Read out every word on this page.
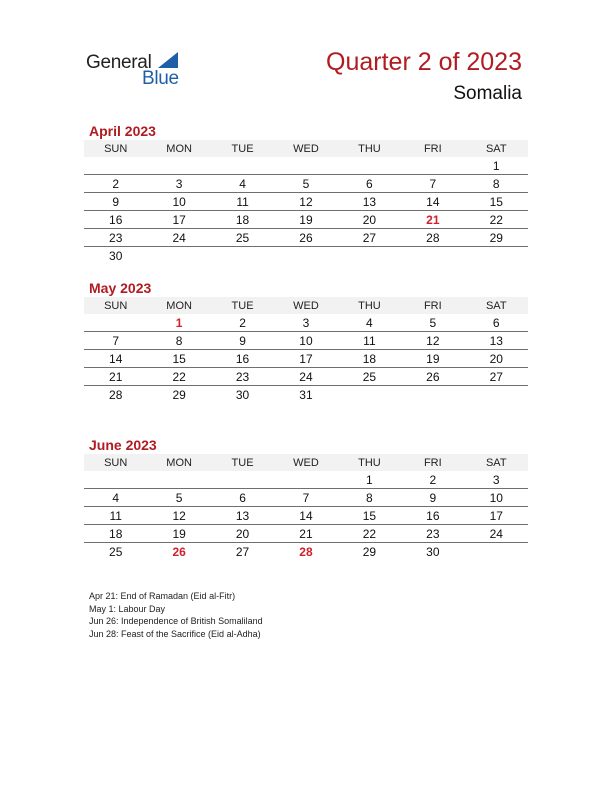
General
Blue
Quarter 2 of 2023
Somalia
April 2023
SUN	MON	TUE	WED	THU	FRI	SAT
						1
2	3	4	5	6	7	8
9	10	11	12	13	14	15
16	17	18	19	20	21	22
23	24	25	26	27	28	29
30						
May 2023
SUN	MON	TUE	WED	THU	FRI	SAT
	1	2	3	4	5	6
7	8	9	10	11	12	13
14	15	16	17	18	19	20
21	22	23	24	25	26	27
28	29	30	31			
June 2023
SUN	MON	TUE	WED	THU	FRI	SAT
				1	2	3
4	5	6	7	8	9	10
11	12	13	14	15	16	17
18	19	20	21	22	23	24
25	26	27	28	29	30	
Apr 21: End of Ramadan (Eid al-Fitr)
May 1: Labour Day
Jun 26: Independence of British Somaliland
Jun 28: Feast of the Sacrifice (Eid al-Adha)
